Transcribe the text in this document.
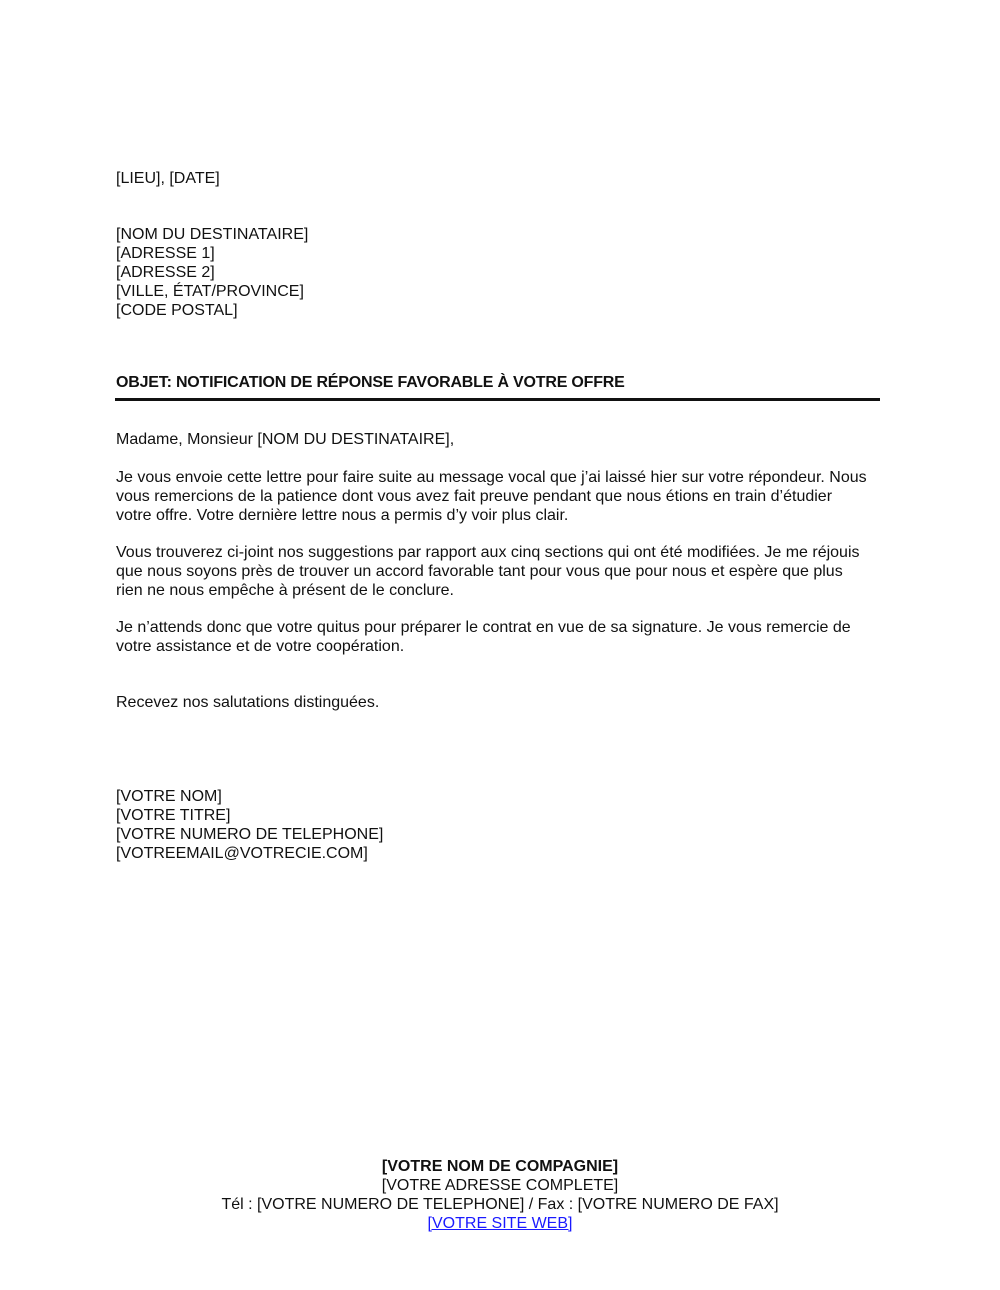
[LIEU], [DATE]
[NOM DU DESTINATAIRE]
[ADRESSE 1]
[ADRESSE 2]
[VILLE, ÉTAT/PROVINCE]
[CODE POSTAL]
OBJET: NOTIFICATION DE RÉPONSE FAVORABLE À VOTRE OFFRE
Madame, Monsieur [NOM DU DESTINATAIRE],
Je vous envoie cette lettre pour faire suite au message vocal que j’ai laissé hier sur votre répondeur. Nous
vous remercions de la patience dont vous avez fait preuve pendant que nous étions en train d’étudier
votre offre. Votre dernière lettre nous a permis d’y voir plus clair.
Vous trouverez ci-joint nos suggestions par rapport aux cinq sections qui ont été modifiées. Je me réjouis
que nous soyons près de trouver un accord favorable tant pour vous que pour nous et espère que plus
rien ne nous empêche à présent de le conclure.
Je n’attends donc que votre quitus pour préparer le contrat en vue de sa signature. Je vous remercie de
votre assistance et de votre coopération.
Recevez nos salutations distinguées.
[VOTRE NOM]
[VOTRE TITRE]
[VOTRE NUMERO DE TELEPHONE]
[VOTREEMAIL@VOTRECIE.COM]
[VOTRE NOM DE COMPAGNIE]
[VOTRE ADRESSE COMPLETE]
Tél : [VOTRE NUMERO DE TELEPHONE] / Fax : [VOTRE NUMERO DE FAX]
[VOTRE SITE WEB]
